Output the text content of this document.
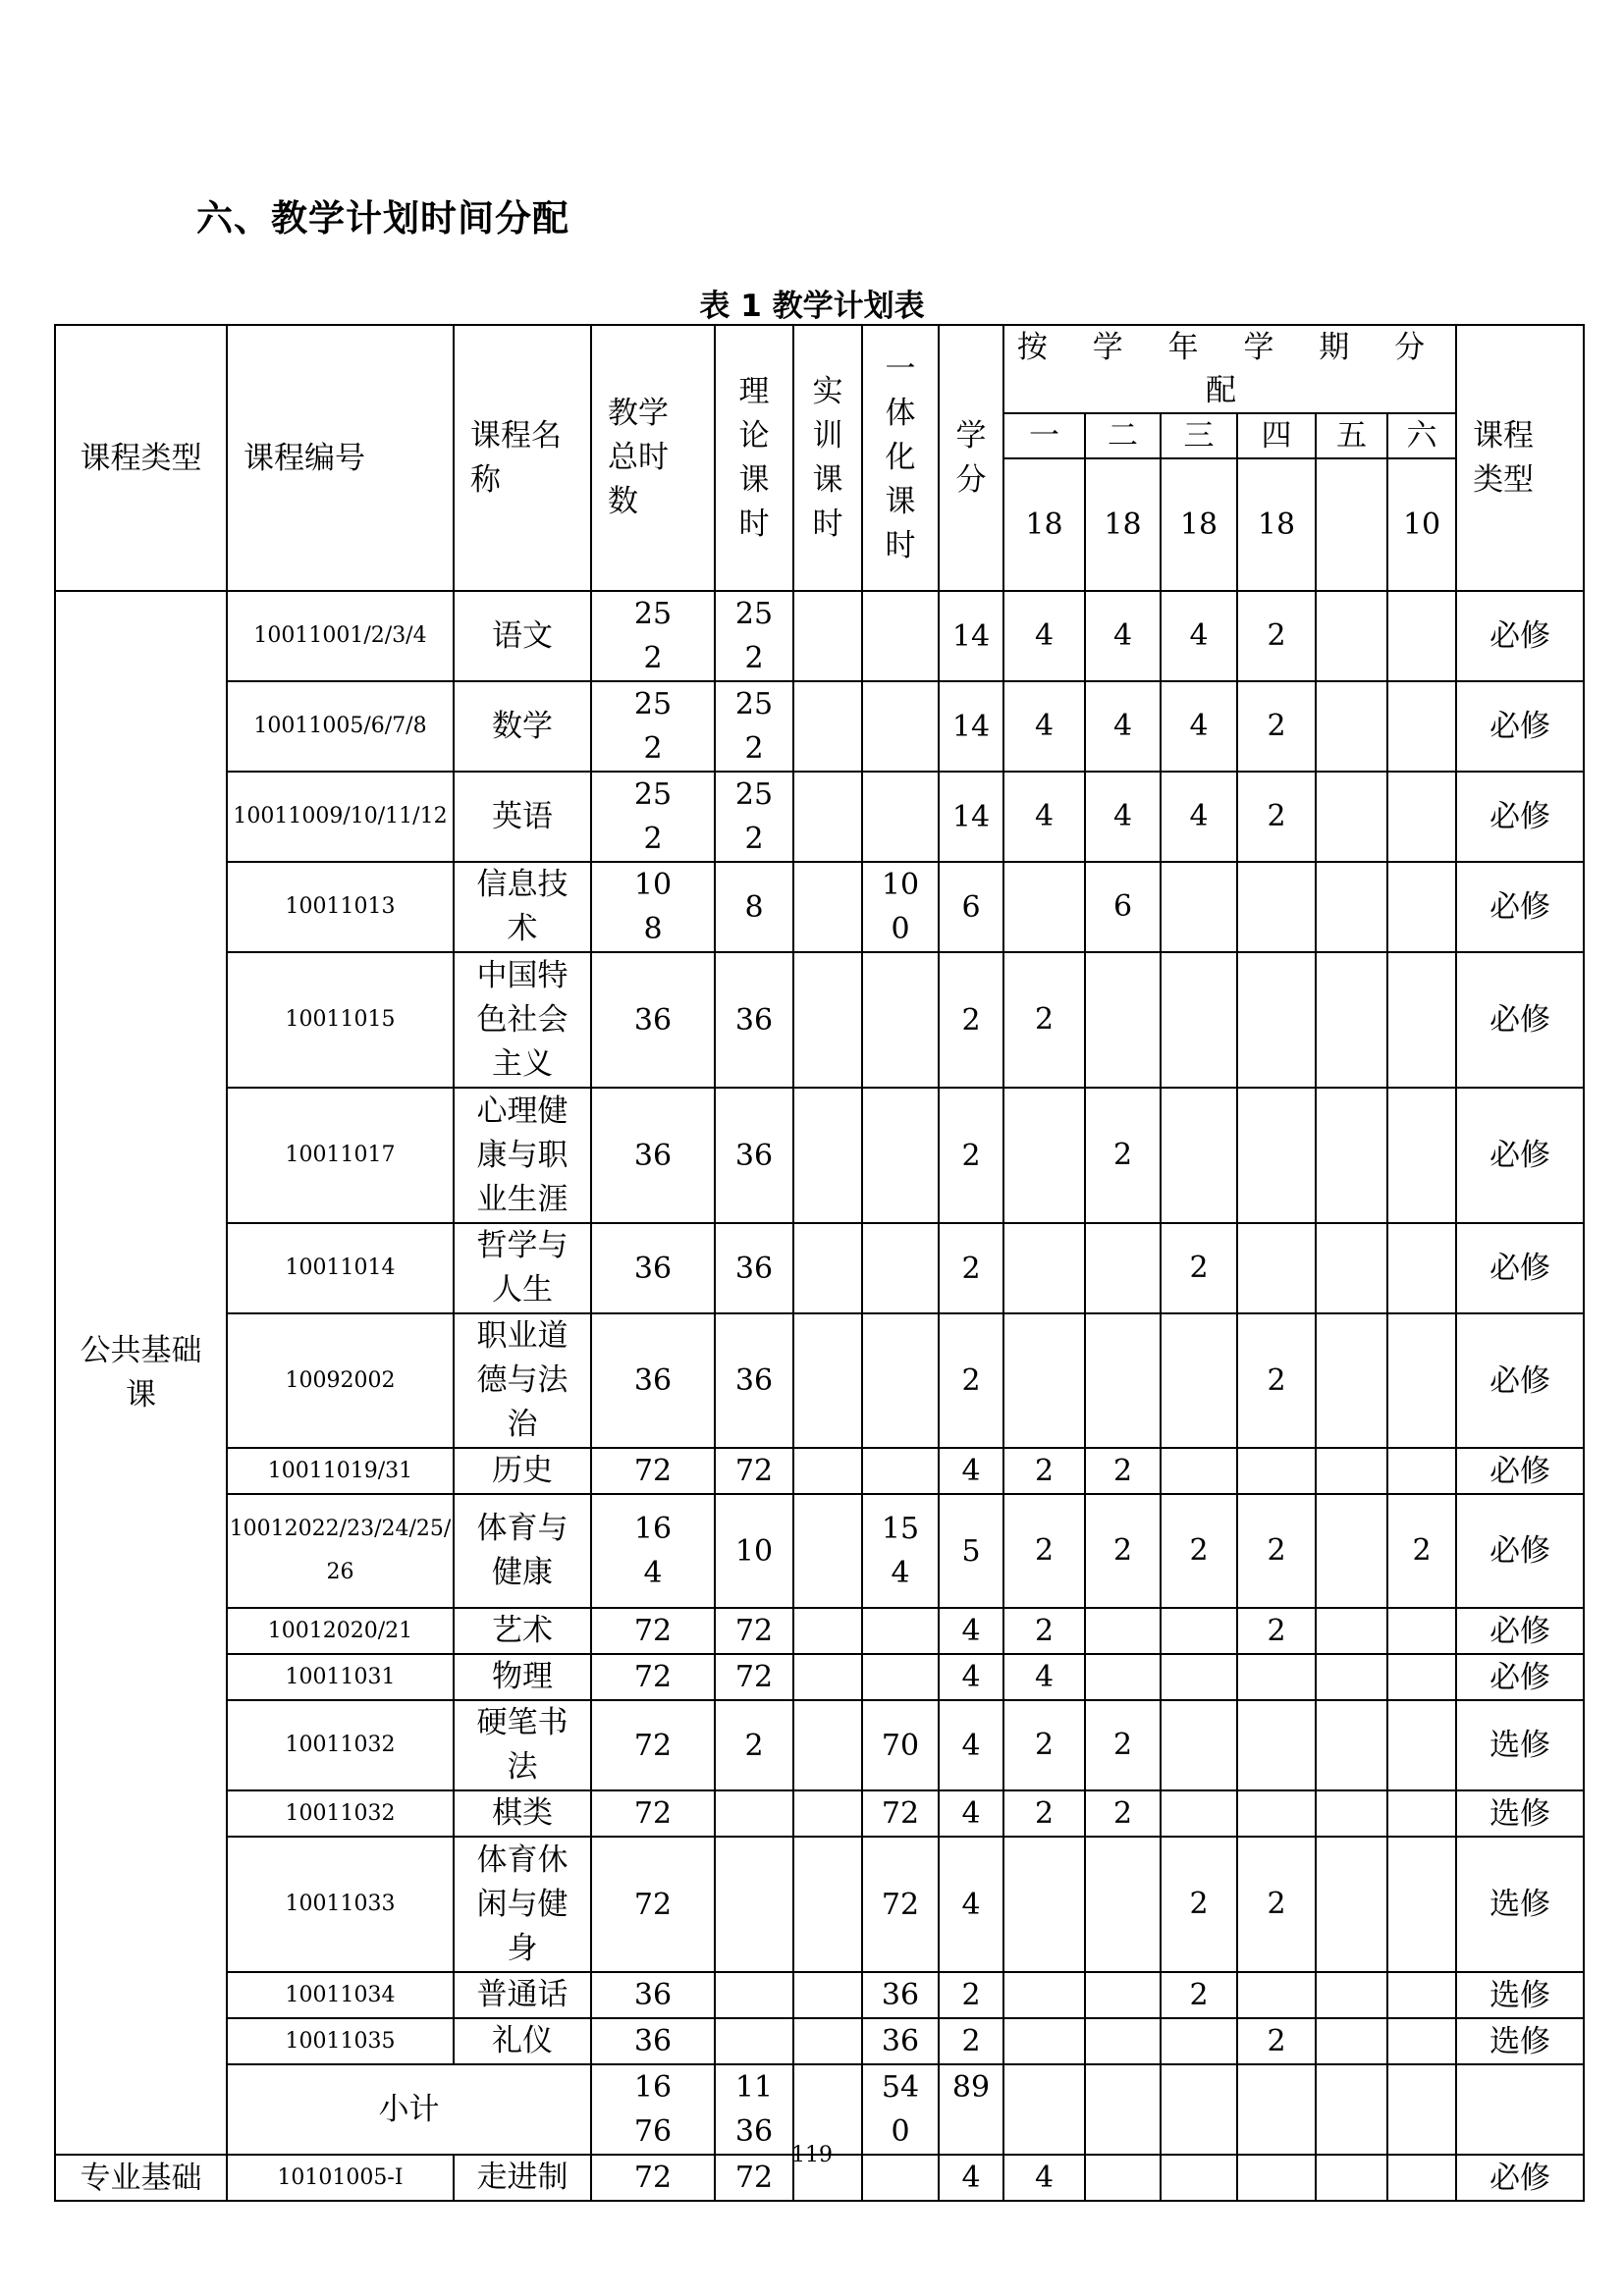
六、教学计划时间分配
表 1 教学计划表
课程类型	课程编号	课程名称	教学总时数	理论课时	实训课时	一体化课时	学分	按 学 年 学 期 分 配						课程类型
								一	二	三	四	五	六	
								18	18	18	18		10	
公共基础课	10011001/2/3/4	语文	252	252			14	4	4	4	2			必修
	10011005/6/7/8	数学	252	252			14	4	4	4	2			必修
	10011009/10/11/12	英语	252	252			14	4	4	4	2			必修
	10011013	信息技术	108	8		100	6		6					必修
	10011015	中国特色社会主义	36	36			2	2						必修
	10011017	心理健康与职业生涯	36	36			2		2					必修
	10011014	哲学与人生	36	36			2			2				必修
	10092002	职业道德与法治	36	36			2				2			必修
	10011019/31	历史	72	72			4	2	2					必修
	10012022/23/24/25/26	体育与健康	164	10		154	5	2	2	2	2		2	必修
	10012020/21	艺术	72	72			4	2			2			必修
	10011031	物理	72	72			4	4						必修
	10011032	硬笔书法	72	2		70	4	2	2					选修
	10011032	棋类	72			72	4	2	2					选修
	10011033	体育休闲与健身	72			72	4			2	2			选修
	10011034	普通话	36			36	2			2				选修
	10011035	礼仪	36			36	2				2			选修
	小计		1676	1136		540	89							
专业基础	10101005-Ⅰ	走进制	72	72			4	4						必修
119
